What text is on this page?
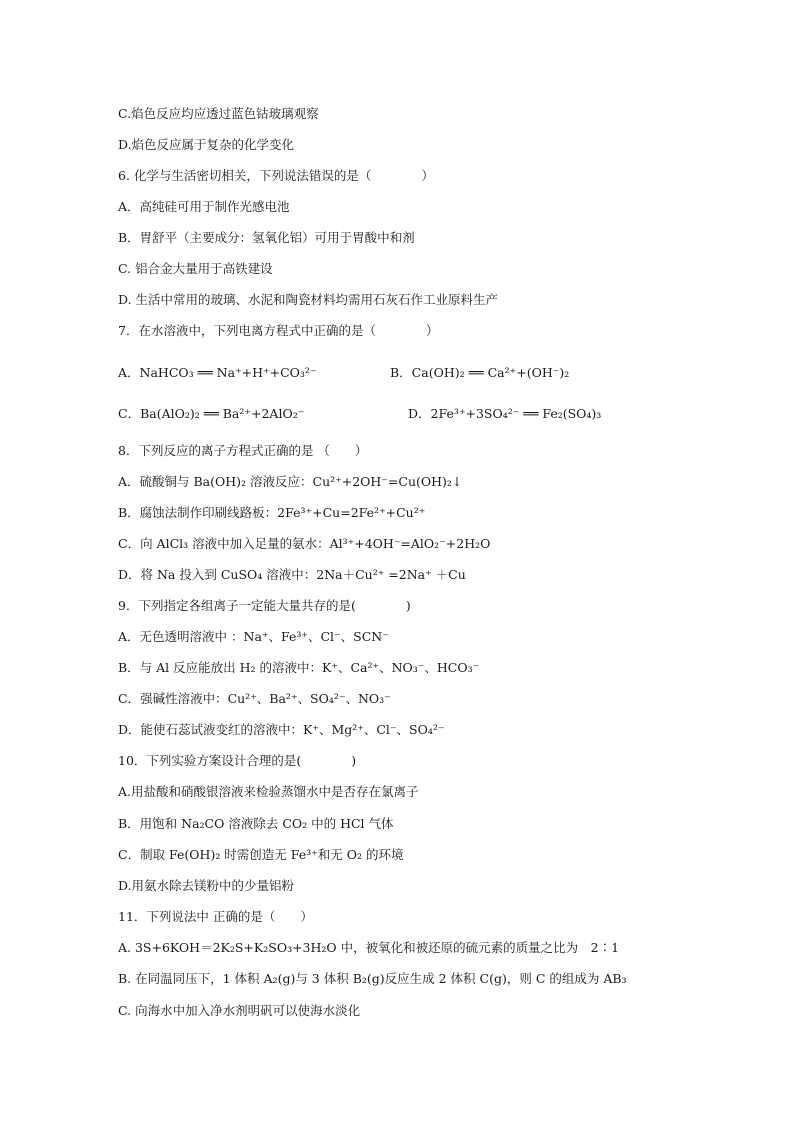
C.焰色反应均应透过蓝色钴玻璃观察
D.焰色反应属于复杂的化学变化
6. 化学与生活密切相关，下列说法错误的是（　　　　）
A．高纯硅可用于制作光感电池
B．胃舒平（主要成分：氢氧化铝）可用于胃酸中和剂
C. 铝合金大量用于高铁建设
D. 生活中常用的玻璃、水泥和陶瓷材料均需用石灰石作工业原料生产
7．在水溶液中，下列电离方程式中正确的是（　　　　）
A．NaHCO₃ ══ Na⁺+H⁺+CO₃²⁻	B．Ca(OH)₂ ══ Ca²⁺+(OH⁻)₂
C．Ba(AlO₂)₂ ══ Ba²⁺+2AlO₂⁻	D．2Fe³⁺+3SO₄²⁻ ══ Fe₂(SO₄)₃
8．下列反应的离子方程式正确的是 （　　）
A．硫酸铜与 Ba(OH)₂ 溶液反应：Cu²⁺+2OH⁻=Cu(OH)₂↓
B．腐蚀法制作印刷线路板：2Fe³⁺+Cu=2Fe²⁺+Cu²⁺
C．向 AlCl₃ 溶液中加入足量的氨水：Al³⁺+4OH⁻=AlO₂⁻+2H₂O
D．将 Na 投入到 CuSO₄ 溶液中：2Na＋Cu²⁺ =2Na⁺ ＋Cu
9．下列指定各组离子一定能大量共存的是(　　　　)
A．无色透明溶液中 ：Na⁺、Fe³⁺、Cl⁻、SCN⁻
B．与 Al 反应能放出 H₂ 的溶液中：K⁺、Ca²⁺、NO₃⁻、HCO₃⁻
C．强碱性溶液中：Cu²⁺、Ba²⁺、SO₄²⁻、NO₃⁻
D．能使石蕊试液变红的溶液中：K⁺、Mg²⁺、Cl⁻、SO₄²⁻
10．下列实验方案设计合理的是(　　　　)
A.用盐酸和硝酸银溶液来检验蒸馏水中是否存在氯离子
B．用饱和 Na₂CO 溶液除去 CO₂ 中的 HCl 气体
C．制取 Fe(OH)₂ 时需创造无 Fe³⁺和无 O₂ 的环境
D.用氨水除去镁粉中的少量铝粉
11．下列说法中 正确的是（　　）
A. 3S+6KOH＝2K₂S+K₂SO₃+3H₂O 中，被氧化和被还原的硫元素的质量之比为　2∶1
B. 在同温同压下，1 体积 A₂(g)与 3 体积 B₂(g)反应生成 2 体积 C(g)，则 C 的组成为 AB₃
C. 向海水中加入净水剂明矾可以使海水淡化
